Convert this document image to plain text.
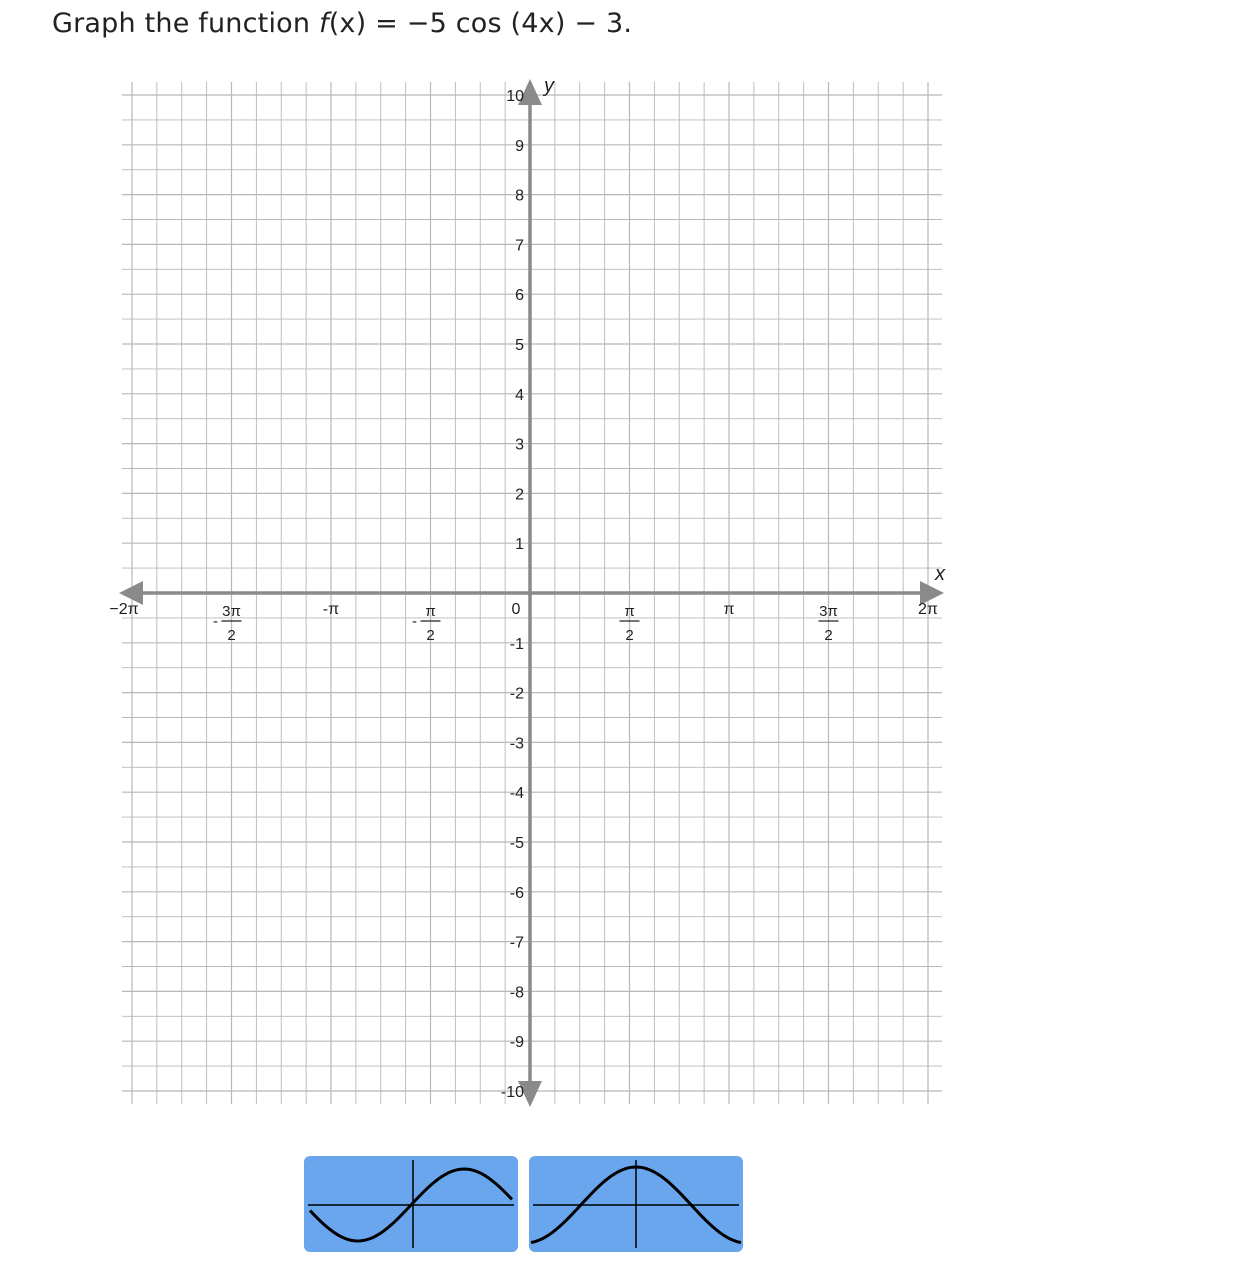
Graph the function f(x) = −5 cos (4x) − 3.
x
y
−2π
-
3π
2
-π
-
π
2
0	π
2
π	3π
2
2π
10
9
8
7
6
5
4
3
2
1
-1
-2
-3
-4
-5
-6
-7
-8
-9
-10
